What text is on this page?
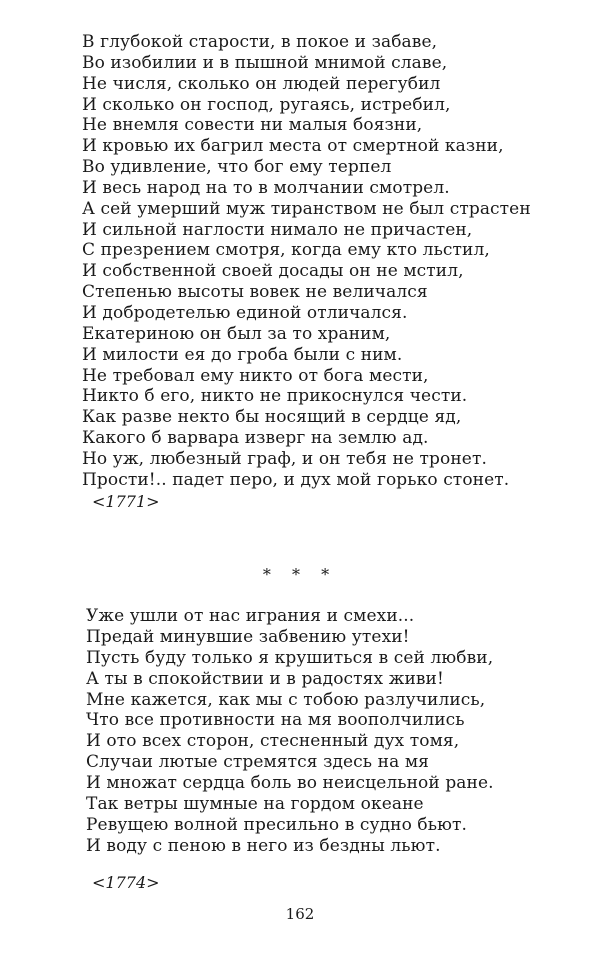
В глубокой старости, в покое и забаве,
Во изобилии и в пышной мнимой славе,
Не числя, сколько он людей перегубил
И сколько он господ, ругаясь, истребил,
Не внемля совести ни малыя боязни,
И кровью их багрил места от смертной казни,
Во удивление, что бог ему терпел
И весь народ на то в молчании смотрел.
А сей умерший муж тиранством не был страстен
И сильной наглости нимало не причастен,
С презрением смотря, когда ему кто льстил,
И собственной своей досады он не мстил,
Степенью высоты вовек не величался
И добродетелью единой отличался.
Екатериною он был за то храним,
И милости ея до гроба были с ним.
Не требовал ему никто от бога мести,
Никто б его, никто не прикоснулся чести.
Как разве некто бы носящий в сердце яд,
Какого б варвара изверг на землю ад.
Но уж, любезный граф, и он тебя не тронет.
Прости!.. падет перо, и дух мой горько стонет.
<1771>
* * *
Уже ушли от нас играния и смехи...
Предай минувшие забвению утехи!
Пусть буду только я крушиться в сей любви,
А ты в спокойствии и в радостях живи!
Мне кажется, как мы с тобою разлучились,
Что все противности на мя воополчились
И ото всех сторон, стесненный дух томя,
Случаи лютые стремятся здесь на мя
И множат сердца боль во неисцельной ране.
Так ветры шумные на гордом океане
Ревущею волной пресильно в судно бьют.
И воду с пеною в него из бездны льют.
<1774>
162
